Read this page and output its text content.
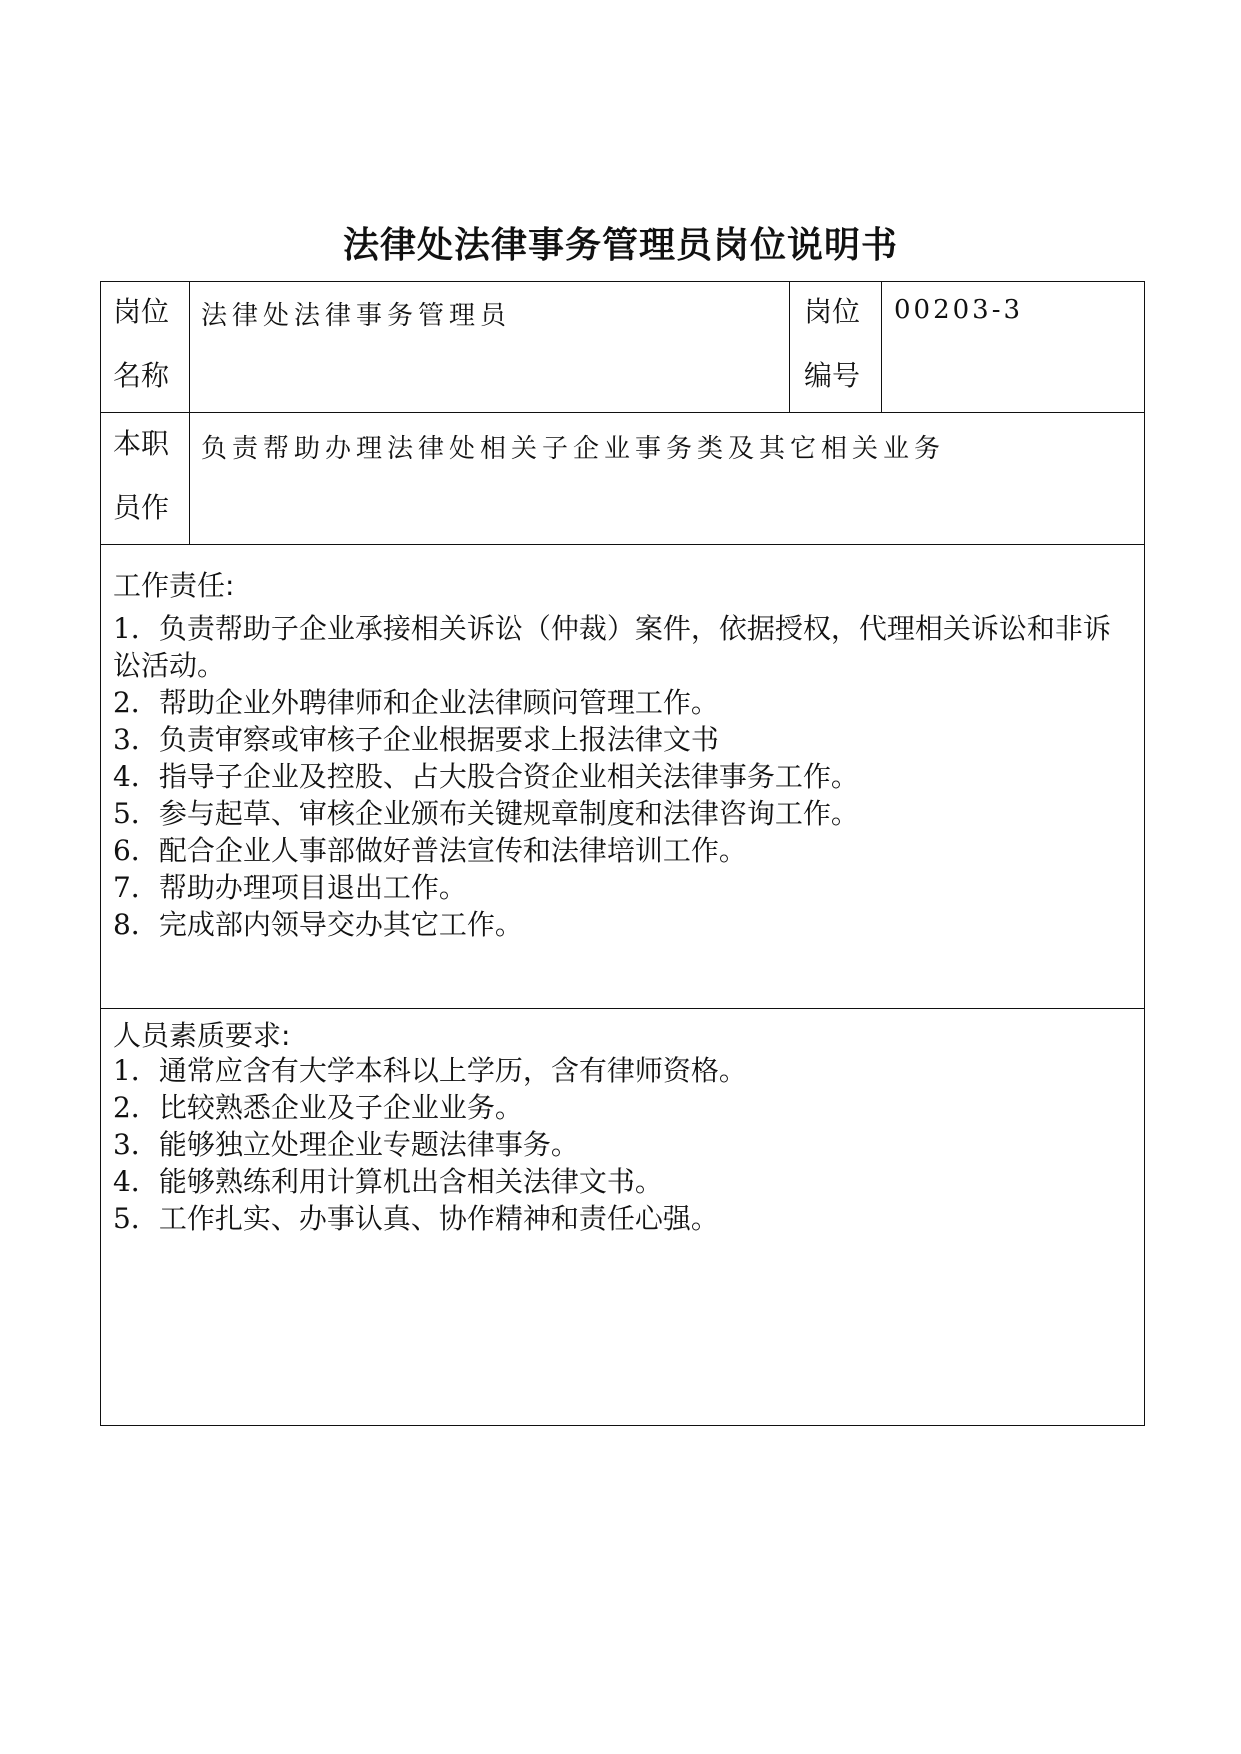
法律处法律事务管理员岗位说明书
岗位
名称
法律处法律事务管理员	岗位
编号
00203-3
本职
员作
负责帮助办理法律处相关子企业事务类及其它相关业务
工作责任:
1．负责帮助子企业承接相关诉讼（仲裁）案件，依据授权，代理相关诉讼和非诉讼活动。
2．帮助企业外聘律师和企业法律顾问管理工作。
3．负责审察或审核子企业根据要求上报法律文书
4．指导子企业及控股、占大股合资企业相关法律事务工作。
5．参与起草、审核企业颁布关键规章制度和法律咨询工作。
6．配合企业人事部做好普法宣传和法律培训工作。
7．帮助办理项目退出工作。
8．完成部内领导交办其它工作。
人员素质要求:
1．通常应含有大学本科以上学历，含有律师资格。
2．比较熟悉企业及子企业业务。
3．能够独立处理企业专题法律事务。
4．能够熟练利用计算机出含相关法律文书。
5．工作扎实、办事认真、协作精神和责任心强。
